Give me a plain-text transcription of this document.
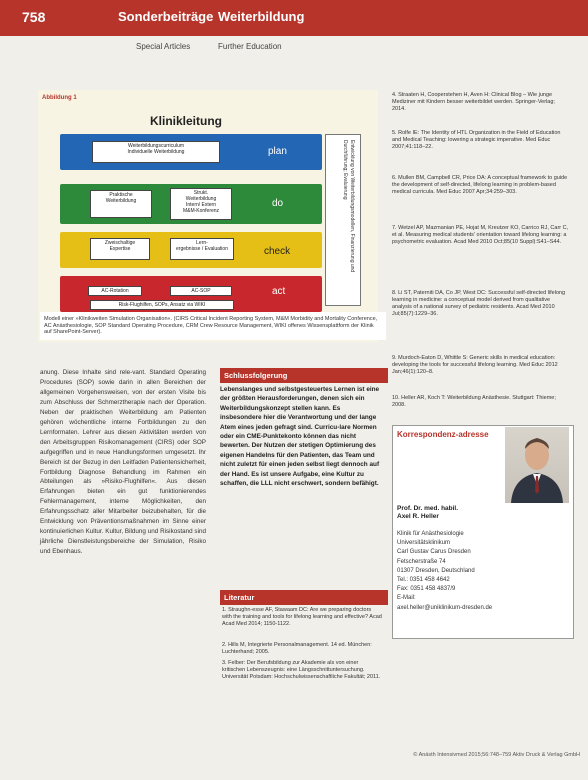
758	Sonderbeiträge Weiterbildung
Special Articles	Further Education
Abbildung 1
Klinikleitung
plan
Weiterbildungscurriculum
Individuelle Weiterbildung
do
Praktische
Weiterbildung
Strukt.
Weiterbildung
Intern/ Extern
M&M-Konferenz
check
Zweischaltige
Expertise
Lern-
ergebnisse / Evaluation
act
AC-Rotation	AC-SOP
Risk-Flughilfen, SOPs, Ansatz via WIKI
Entwicklung von Weiterbildungsmodellen, Finanzierung und Durchführung; Evaluierung
Modell einer »Klinikweiten Simulation Organisation«. (CIRS Critical Incident Reporting System, M&M Morbidity and Mortality Conference, AC Anästhesiologie, SOP Standard Operating Procedure, CRM Crew Resource Management, WIKI offenes Wissensplattform der Klinik auf SharePoint-Server).
anung. Diese Inhalte sind rele-vant. Standard Operating Procedures (SOP) sowie darin in allen Bereichen der allgemeinen Vorgehensweisen, von der ersten Visite bis zum Abschluss der Schmerztherapie nach der Operation. Neben der praktischen Weiterbildung am Patienten gehören wöchentliche interne Fortbildungen zu den Lernformaten. Lehrer aus diesen Aktivitäten werden von den Arbeitsgruppen Risikomanagement (CIRS) oder SOP aufgegriffen und in neue Handlungsformen umgesetzt. Ihr Bereich ist der Bezug in den Leitfaden Patientensicherheit, Fortbildung Diagnose Behandlung im Rahmen ein Abteilungen als »Risiko-Flughilfen«. Aus diesen Erfahrungen bieten ein gut funktionierendes Fehlermanagement, interne Möglichkeiten, den Erfahrungsschatz aller Mitarbeiter beizubehalten, für die Entwicklung von Präventionsmaßnahmen im Sinne einer kontinuierlichen Kultur. Kultur, Bildung und Risikostand sind jährliche Dienstleistungsbereiche der Simulation, Risiko und Ebenhaus.
Schlussfolgerung
Lebenslanges und selbstgesteuertes Lernen ist eine der größten Herausforderungen, denen sich ein Weiterbildungskonzept stellen kann. Es insbesondere hier die Verantwortung und der lange Atem eines jeden gefragt sind. Curricu-lare Normen oder ein CME-Punktekonto können das nicht bewerten. Der Nutzen der stetigen Optimierung des eigenen Handelns für den Patienten, das Team und nicht zuletzt für einen jeden selbst liegt dennoch auf der Hand. Es ist unsere Aufgabe, eine Kultur zu schaffen, die LLL nicht erschwert, sondern befähigt.
Literatur
1. Straughn-esse AF, Stawaam DC: Are we preparing doctors with the training and tools for lifelong learning and effective? Acad Acad Med 2014; 1150-1122.
2. Hills M, Integrierte Personalmanagement. 14 ed. München: Luchterhand; 2005.
3. Felber: Der Berufsbildung zur Akademie als von einer kritischen Lebenszeugnis: eine Längsschnittuntersuchung. Universität Potsdam: Hochschulwissenschaftliche Fakultät; 2011.
4. Straaten H, Cooperstehen H, Aven H: Clinical Blog – Wie junge Mediziner mit Kindern besser weiterbildet werden. Springer-Verlag; 2014.
5. Rolfe IE: The Identity of HTL Organization in the Field of Education and Medical Teaching: lowering a strategic imperative. Med Educ 2007;41:118–22.
6. Mullen BM, Campbell CR, Price DA: A conceptual framework to guide the development of self-directed, lifelong learning in problem-based medical curricula. Med Educ 2007 Apr;34:259–303.
7. Wetzel AP, Mazmanian PE, Hojat M, Kreutzer KO, Carrico RJ, Carr C, et al. Measuring medical students' orientation toward lifelong learning: a psychometric evaluation. Acad Med 2010 Oct;85(10 Suppl):S41–S44.
8. Li ST, Paterniti DA, Co JP, West DC: Successful self-directed lifelong learning in medicine: a conceptual model derived from qualitative analysis of a national survey of pediatric residents. Acad Med 2010 Jul;85(7):1229–36.
9. Murdoch-Eaton D, Whittle S: Generic skills in medical education: developing the tools for successful lifelong learning. Med Educ 2012 Jan;46(1):120–8.
10. Heller AR, Koch T: Weiterbildung Anästhesie. Stuttgart: Thieme; 2008.
Korrespondenz-adresse
Prof. Dr. med. habil.
Axel R. Heller
Klinik für Anästhesiologie
Universitätsklinikum
Carl Gustav Carus Dresden
Fetscherstraße 74
01307 Dresden, Deutschland
Tel.: 0351 458 4642
Fax: 0351 458 4837/9
E-Mail:
axel.heller@uniklinikum-dresden.de
© Anästh Intensivmed 2015;56:748–759 Aktiv Druck & Verlag GmbH
